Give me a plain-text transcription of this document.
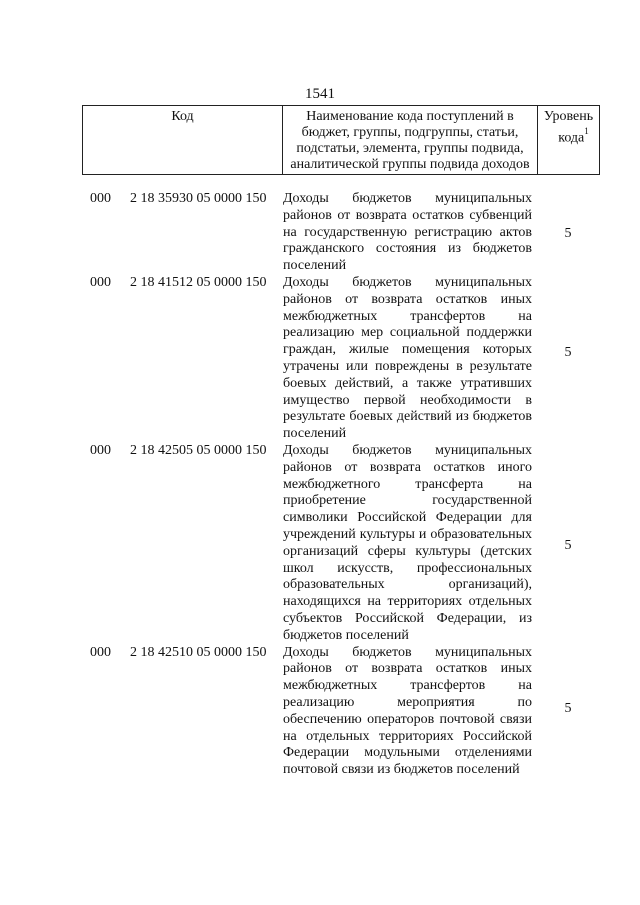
1541
Код	Наименование кода поступлений в бюджет, группы, подгруппы, статьи, подстатьи, элемента, группы подвида, аналитической группы подвида доходов
Уровень
кода$^1$
000 2 18 35930 05 0000 150
5
Доходы бюджетов муниципальных районов от возврата остатков субвенций на государственную регистрацию актов гражданского состояния из бюджетов поселений
000 2 18 41512 05 0000 150
5
Доходы бюджетов муниципальных районов от возврата остатков иных межбюджетных трансфертов на реализацию мер социальной поддержки граждан, жилые помещения которых утрачены или повреждены в результате боевых действий, а также утративших имущество первой необходимости в результате боевых действий из бюджетов поселений
000 2 18 42505 05 0000 150
5
Доходы бюджетов муниципальных районов от возврата остатков иного межбюджетного трансферта на приобретение государственной символики Российской Федерации для учреждений культуры и образовательных организаций сферы культуры (детских школ искусств, профессиональных образовательных организаций), находящихся на территориях отдельных субъектов Российской Федерации, из бюджетов поселений
000 2 18 42510 05 0000 150
5
Доходы бюджетов муниципальных районов от возврата остатков иных межбюджетных трансфертов на реализацию мероприятия по обеспечению операторов почтовой связи на отдельных территориях Российской Федерации модульными отделениями почтовой связи из бюджетов поселений
